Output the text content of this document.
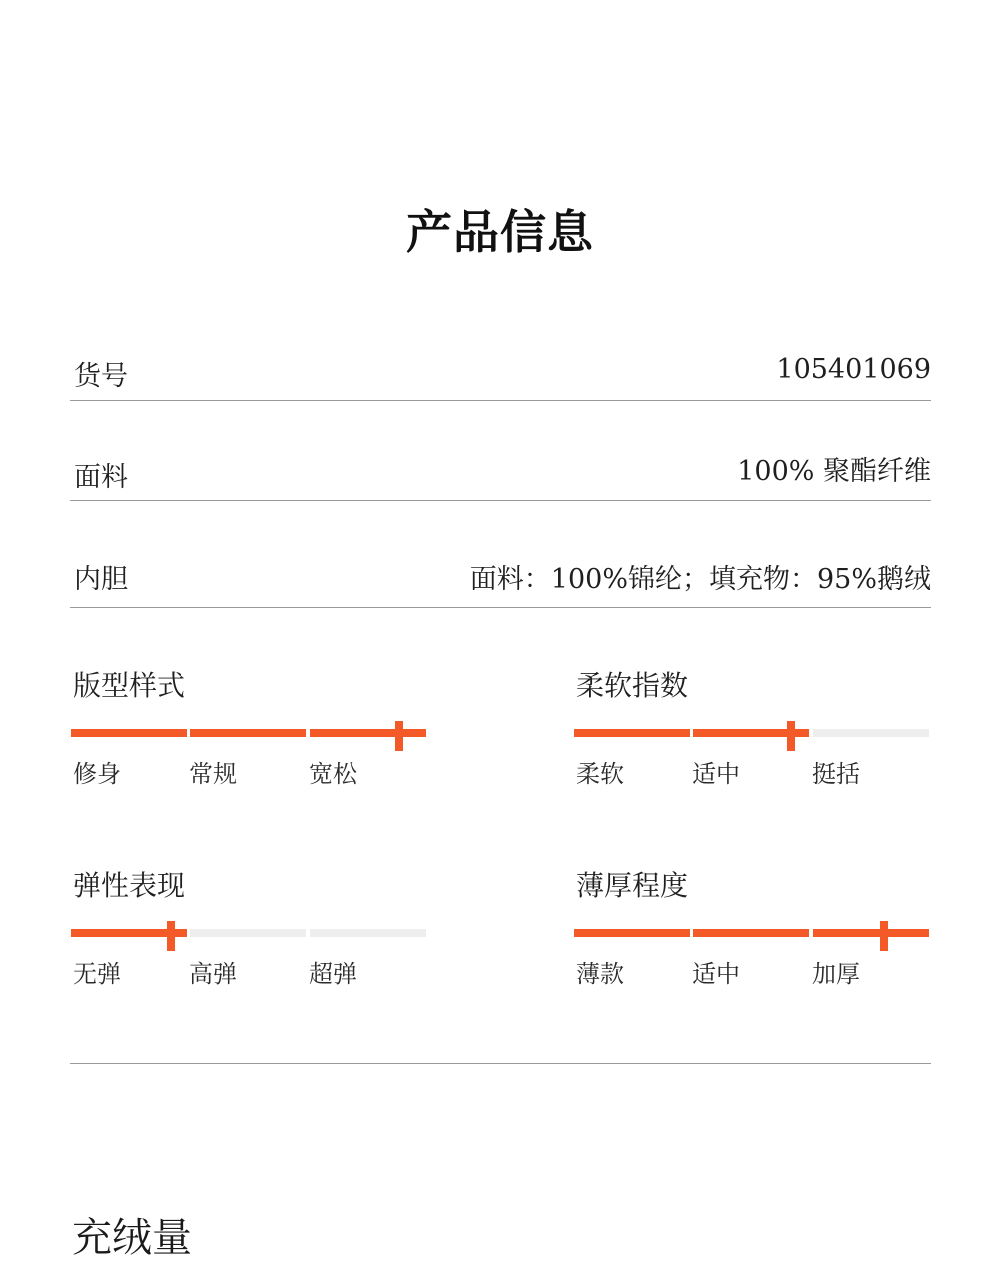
产品信息
货号	105401069
面料	100% 聚酯纤维
内胆	面料：100%锦纶；填充物：95%鹅绒
版型样式
修身	常规	宽松
柔软指数
柔软	适中	挺括
弹性表现
无弹	高弹	超弹
薄厚程度
薄款	适中	加厚
充绒量
